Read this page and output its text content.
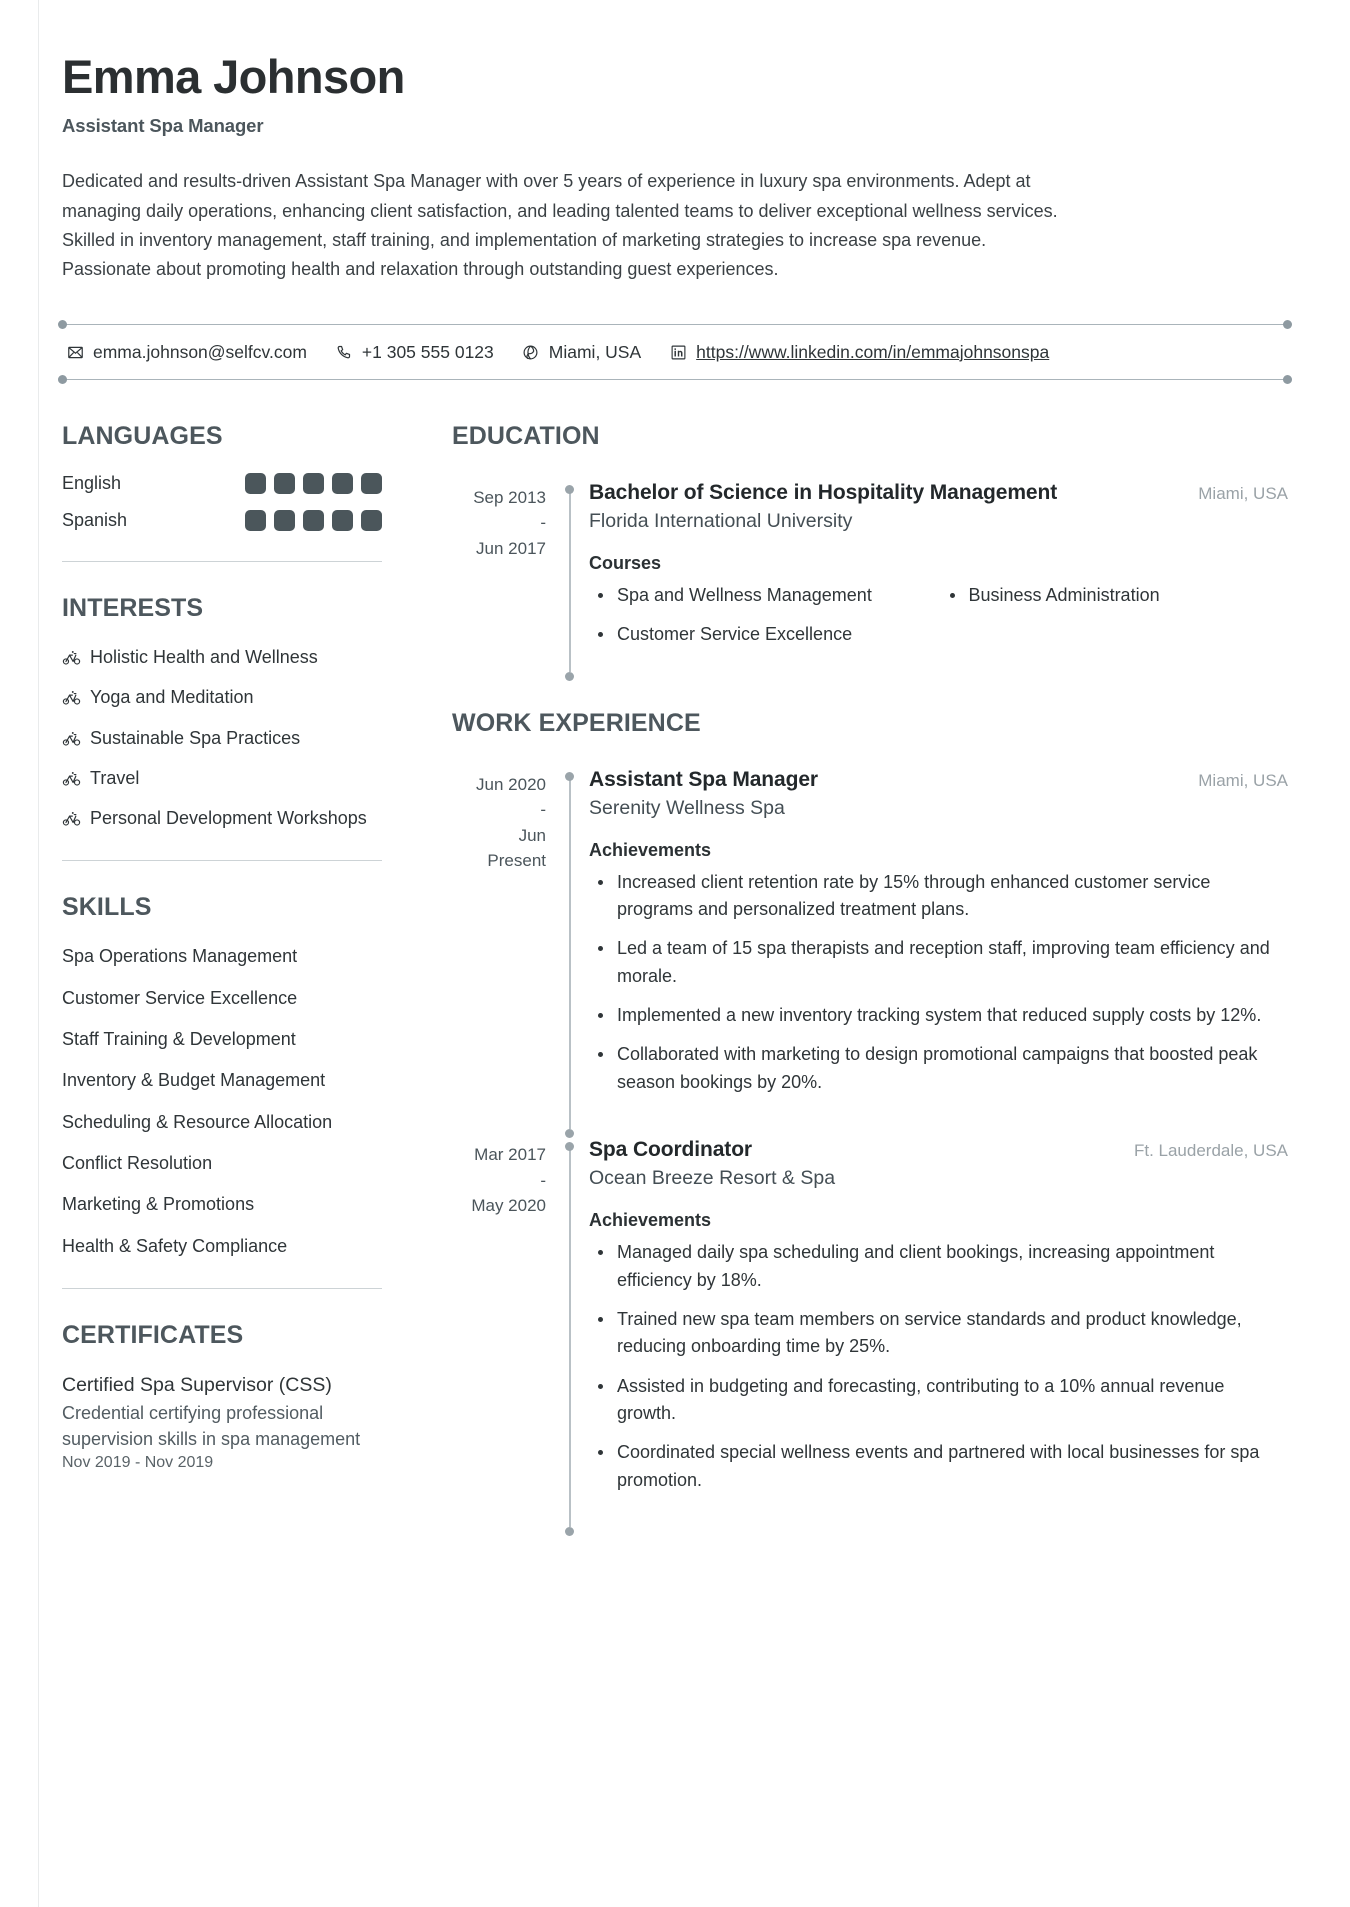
Emma Johnson
Assistant Spa Manager

Dedicated and results-driven Assistant Spa Manager with over 5 years of experience in luxury spa environments. Adept at managing daily operations, enhancing client satisfaction, and leading talented teams to deliver exceptional wellness services. Skilled in inventory management, staff training, and implementation of marketing strategies to increase spa revenue. Passionate about promoting health and relaxation through outstanding guest experiences.

emma.johnson@selfcv.com	+1 305 555 0123	Miami, USA	https://www.linkedin.com/in/emmajohnsonspa
LANGUAGES
English
Spanish
INTERESTS
Holistic Health and Wellness
Yoga and Meditation
Sustainable Spa Practices
Travel
Personal Development Workshops
SKILLS
Spa Operations Management
Customer Service Excellence
Staff Training & Development
Inventory & Budget Management
Scheduling & Resource Allocation
Conflict Resolution
Marketing & Promotions
Health & Safety Compliance
CERTIFICATES
Certified Spa Supervisor (CSS)
Credential certifying professional supervision skills in spa management
Nov 2019 - Nov 2019
EDUCATION
Sep 2013
-
Jun 2017
Bachelor of Science in Hospitality Management	Miami, USA
Florida International University
Courses
Spa and Wellness Management	Business Administration
Customer Service Excellence
WORK EXPERIENCE
Jun 2020
-
Jun
Present
Assistant Spa Manager	Miami, USA
Serenity Wellness Spa
Achievements
Increased client retention rate by 15% through enhanced customer service programs and personalized treatment plans.
Led a team of 15 spa therapists and reception staff, improving team efficiency and morale.
Implemented a new inventory tracking system that reduced supply costs by 12%.
Collaborated with marketing to design promotional campaigns that boosted peak season bookings by 20%.
Mar 2017
-
May 2020
Spa Coordinator	Ft. Lauderdale, USA
Ocean Breeze Resort & Spa
Achievements
Managed daily spa scheduling and client bookings, increasing appointment efficiency by 18%.
Trained new spa team members on service standards and product knowledge, reducing onboarding time by 25%.
Assisted in budgeting and forecasting, contributing to a 10% annual revenue growth.
Coordinated special wellness events and partnered with local businesses for spa promotion.
